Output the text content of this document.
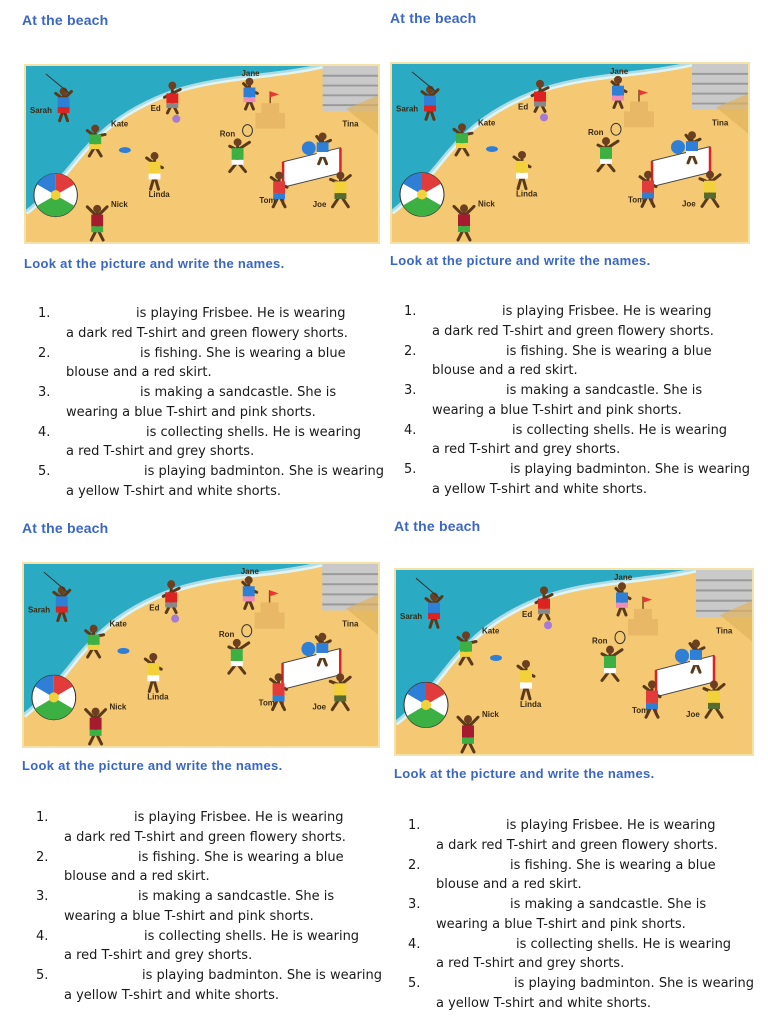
At the beach
Sarah	Ed
Jane
Kate
Ron
Tina
Linda
Nick	Tom	Joe
Look at the picture and write the names.
1.	is playing Frisbee. He is wearing
a dark red T-shirt and green flowery shorts.
2.	is fishing. She is wearing a blue
blouse and a red skirt.
3.	is making a sandcastle. She is
wearing a blue T-shirt and pink shorts.
4.	is collecting shells. He is wearing
a red T-shirt and grey shorts.
5.	is playing badminton. She is wearing
a yellow T-shirt and white shorts.
At the beach
Sarah	Ed
Jane
Kate
Ron
Tina
Linda
Nick	Tom	Joe
Look at the picture and write the names.
1.	is playing Frisbee. He is wearing
a dark red T-shirt and green flowery shorts.
2.	is fishing. She is wearing a blue
blouse and a red skirt.
3.	is making a sandcastle. She is
wearing a blue T-shirt and pink shorts.
4.	is collecting shells. He is wearing
a red T-shirt and grey shorts.
5.	is playing badminton. She is wearing
a yellow T-shirt and white shorts.
At the beach
Sarah	Ed
Jane
Kate
Ron
Tina
Linda
Nick	Tom	Joe
Look at the picture and write the names.
1.	is playing Frisbee. He is wearing
a dark red T-shirt and green flowery shorts.
2.	is fishing. She is wearing a blue
blouse and a red skirt.
3.	is making a sandcastle. She is
wearing a blue T-shirt and pink shorts.
4.	is collecting shells. He is wearing
a red T-shirt and grey shorts.
5.	is playing badminton. She is wearing
a yellow T-shirt and white shorts.
At the beach
Sarah	Ed
Jane
Kate
Ron
Tina
Linda
Nick	Tom	Joe
Look at the picture and write the names.
1.	is playing Frisbee. He is wearing
a dark red T-shirt and green flowery shorts.
2.	is fishing. She is wearing a blue
blouse and a red skirt.
3.	is making a sandcastle. She is
wearing a blue T-shirt and pink shorts.
4.	is collecting shells. He is wearing
a red T-shirt and grey shorts.
5.	is playing badminton. She is wearing
a yellow T-shirt and white shorts.
